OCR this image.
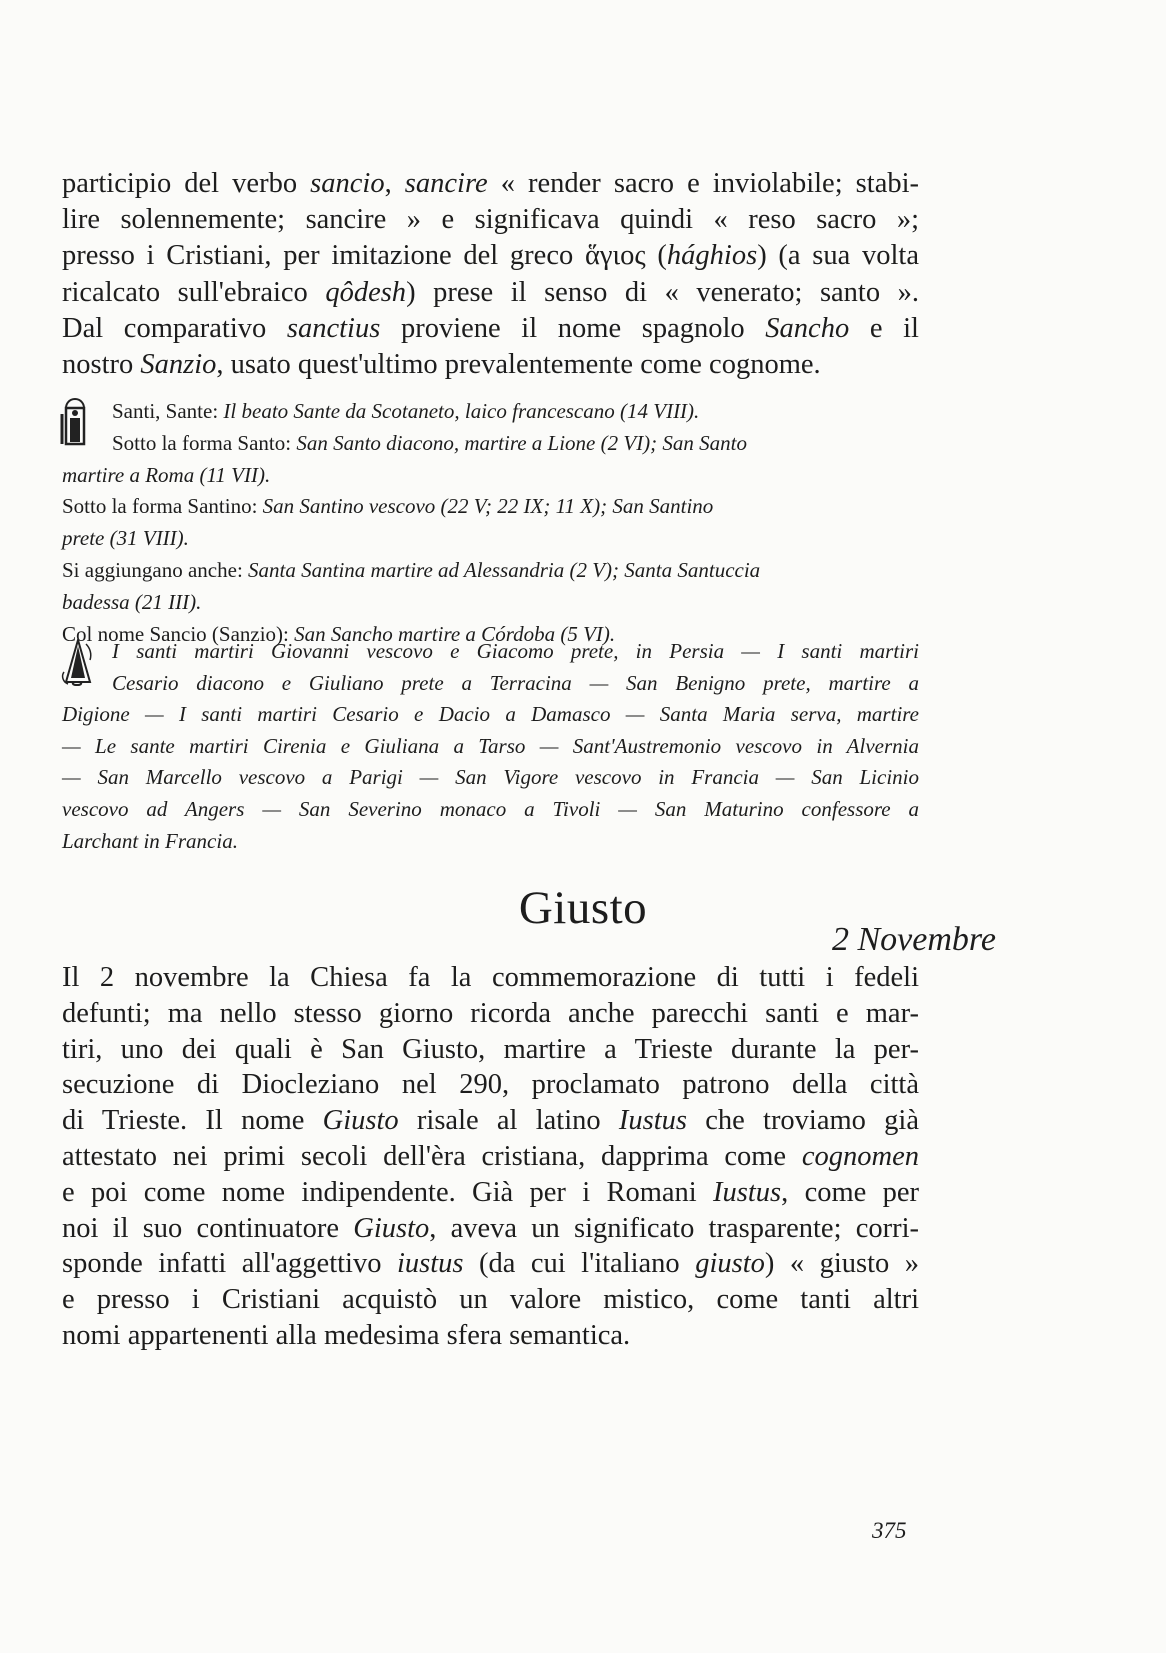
participio del verbo sancio, sancire « render sacro e inviolabile; stabi-
lire solennemente; sancire » e significava quindi « reso sacro »;
presso i Cristiani, per imitazione del greco ἅγιος (hághios) (a sua volta
ricalcato sull'ebraico qôdesh) prese il senso di « venerato; santo ».
Dal comparativo sanctius proviene il nome spagnolo Sancho e il
nostro Sanzio, usato quest'ultimo prevalentemente come cognome.
Santi, Sante: Il beato Sante da Scotaneto, laico francescano (14 VIII).
Sotto la forma Santo: San Santo diacono, martire a Lione (2 VI); San Santo
martire a Roma (11 VII).
Sotto la forma Santino: San Santino vescovo (22 V; 22 IX; 11 X); San Santino
prete (31 VIII).
Si aggiungano anche: Santa Santina martire ad Alessandria (2 V); Santa Santuccia
badessa (21 III).
Col nome Sancio (Sanzio): San Sancho martire a Córdoba (5 VI).
I santi martiri Giovanni vescovo e Giacomo prete, in Persia — I santi martiri
Cesario diacono e Giuliano prete a Terracina — San Benigno prete, martire a
Digione — I santi martiri Cesario e Dacio a Damasco — Santa Maria serva, martire
— Le sante martiri Cirenia e Giuliana a Tarso — Sant'Austremonio vescovo in Alvernia
— San Marcello vescovo a Parigi — San Vigore vescovo in Francia — San Licinio
vescovo ad Angers — San Severino monaco a Tivoli — San Maturino confessore a
Larchant in Francia.
Giusto
2 Novembre
Il 2 novembre la Chiesa fa la commemorazione di tutti i fedeli
defunti; ma nello stesso giorno ricorda anche parecchi santi e mar-
tiri, uno dei quali è San Giusto, martire a Trieste durante la per-
secuzione di Diocleziano nel 290, proclamato patrono della città
di Trieste. Il nome Giusto risale al latino Iustus che troviamo già
attestato nei primi secoli dell'èra cristiana, dapprima come cognomen
e poi come nome indipendente. Già per i Romani Iustus, come per
noi il suo continuatore Giusto, aveva un significato trasparente; corri-
sponde infatti all'aggettivo iustus (da cui l'italiano giusto) « giusto »
e presso i Cristiani acquistò un valore mistico, come tanti altri
nomi appartenenti alla medesima sfera semantica.
375
